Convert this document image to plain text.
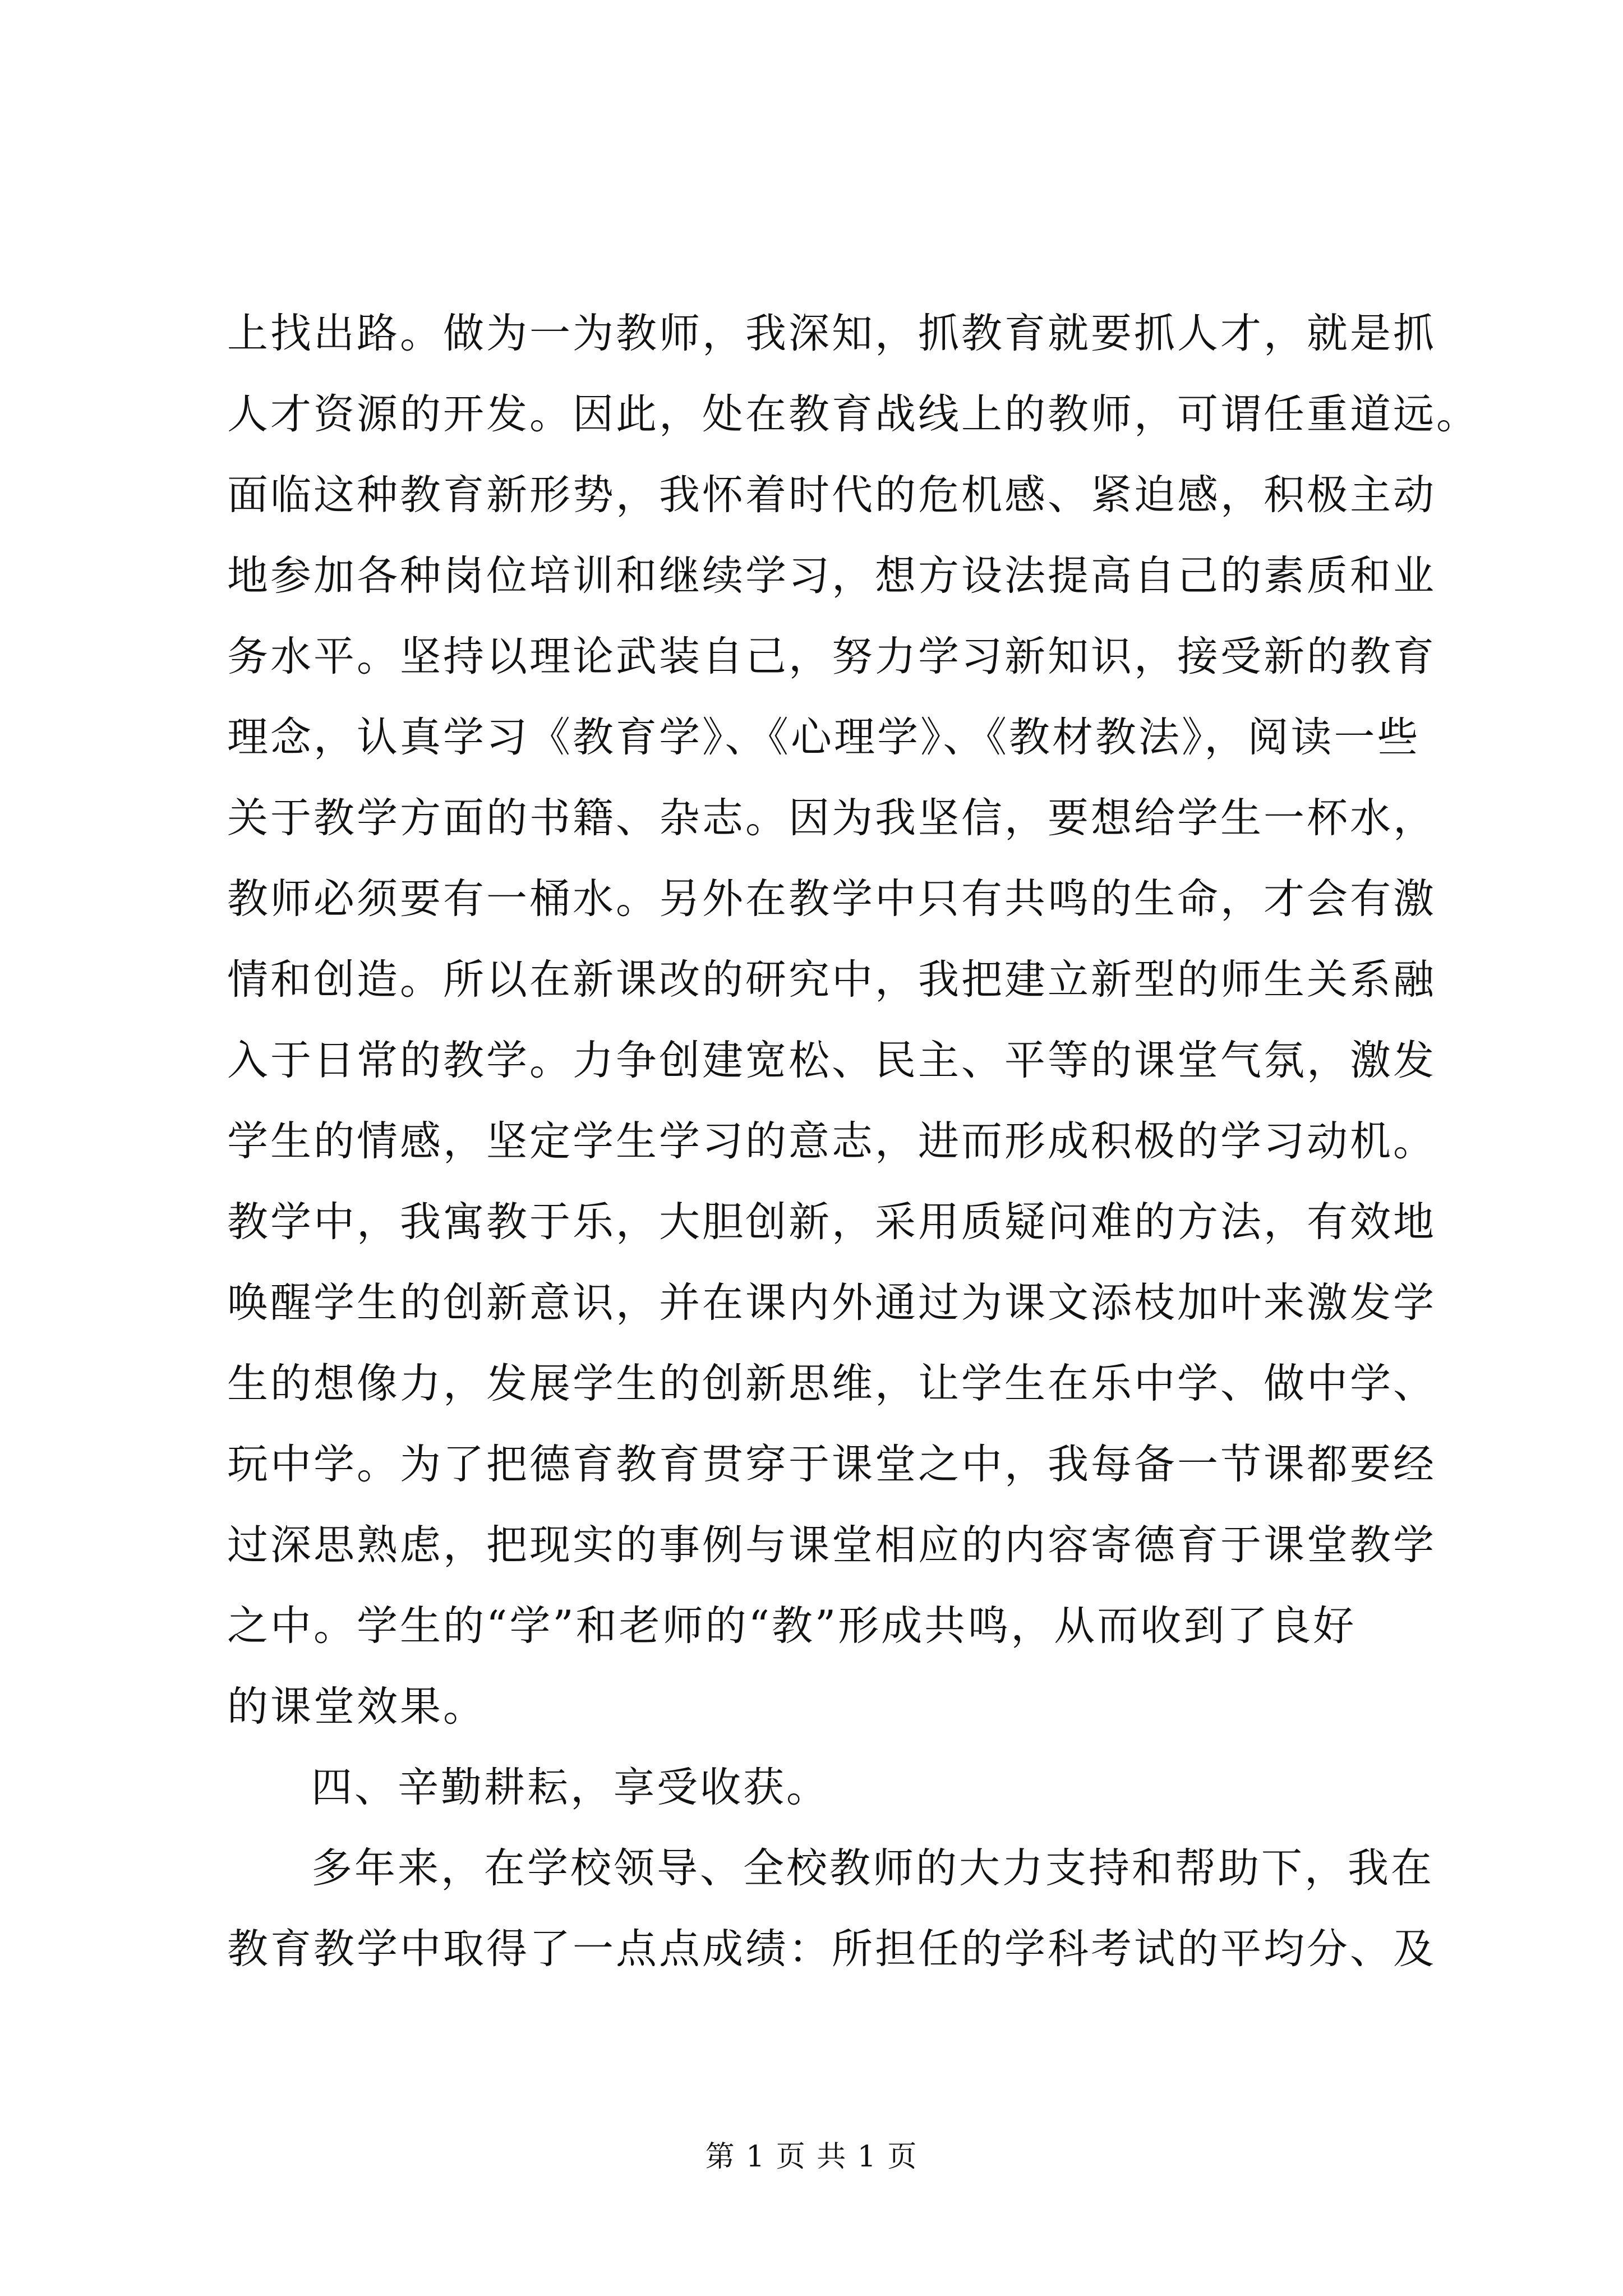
上找出路。做为一为教师，我深知，抓教育就要抓人才，就是抓
人才资源的开发。因此，处在教育战线上的教师，可谓任重道远。
面临这种教育新形势，我怀着时代的危机感、紧迫感，积极主动
地参加各种岗位培训和继续学习，想方设法提高自己的素质和业
务水平。坚持以理论武装自己，努力学习新知识，接受新的教育
理念，认真学习《教育学》、《心理学》、《教材教法》，阅读一些
关于教学方面的书籍、杂志。因为我坚信，要想给学生一杯水，
教师必须要有一桶水。另外在教学中只有共鸣的生命，才会有激
情和创造。所以在新课改的研究中，我把建立新型的师生关系融
入于日常的教学。力争创建宽松、民主、平等的课堂气氛，激发
学生的情感，坚定学生学习的意志，进而形成积极的学习动机。
教学中，我寓教于乐，大胆创新，采用质疑问难的方法，有效地
唤醒学生的创新意识，并在课内外通过为课文添枝加叶来激发学
生的想像力，发展学生的创新思维，让学生在乐中学、做中学、
玩中学。为了把德育教育贯穿于课堂之中，我每备一节课都要经
过深思熟虑，把现实的事例与课堂相应的内容寄德育于课堂教学
之中。学生的“学”和老师的“教”形成共鸣，从而收到了良好
的课堂效果。
四、辛勤耕耘，享受收获。
多年来，在学校领导、全校教师的大力支持和帮助下，我在
教育教学中取得了一点点成绩：所担任的学科考试的平均分、及
第 1 页 共 1 页
